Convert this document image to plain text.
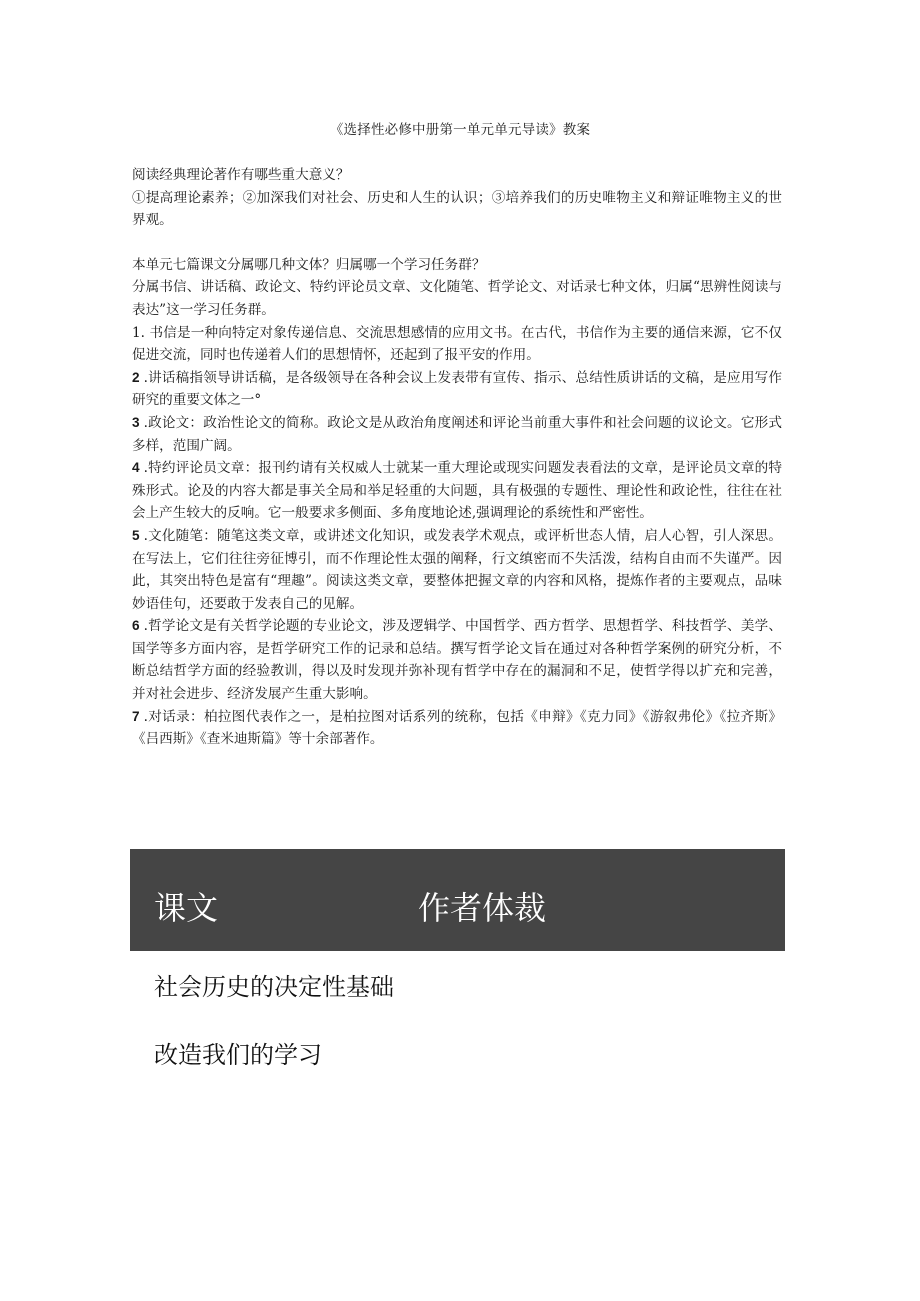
《选择性必修中册第一单元单元导读》教案

阅读经典理论著作有哪些重大意义？

①提高理论素养；②加深我们对社会、历史和人生的认识；③培养我们的历史唯物主义和辩证唯物主义的世界观。

本单元七篇课文分属哪几种文体？归属哪一个学习任务群？

分属书信、讲话稿、政论文、特约评论员文章、文化随笔、哲学论文、对话录七种文体，归属“思辨性阅读与表达”这一学习任务群。

1. 书信是一种向特定对象传递信息、交流思想感情的应用文书。在古代，书信作为主要的通信来源，它不仅促进交流，同时也传递着人们的思想情怀，还起到了报平安的作用。

2 .讲话稿指领导讲话稿，是各级领导在各种会议上发表带有宣传、指示、总结性质讲话的文稿，是应用写作研究的重要文体之一°

3 .政论文：政治性论文的简称。政论文是从政治角度阐述和评论当前重大事件和社会问题的议论文。它形式多样，范围广阔。

4 .特约评论员文章：报刊约请有关权威人士就某一重大理论或现实问题发表看法的文章，是评论员文章的特殊形式。论及的内容大都是事关全局和举足轻重的大问题，具有极强的专题性、理论性和政论性，往往在社会上产生较大的反响。它一般要求多侧面、多角度地论述,强调理论的系统性和严密性。

5 .文化随笔：随笔这类文章，或讲述文化知识，或发表学术观点，或评析世态人情，启人心智，引人深思。在写法上，它们往往旁征博引，而不作理论性太强的阐释，行文缜密而不失活泼，结构自由而不失谨严。因此，其突出特色是富有“理趣”。阅读这类文章，要整体把握文章的内容和风格，提炼作者的主要观点，品味妙语佳句，还要敢于发表自己的见解。

6 .哲学论文是有关哲学论题的专业论文，涉及逻辑学、中国哲学、西方哲学、思想哲学、科技哲学、美学、国学等多方面内容，是哲学研究工作的记录和总结。撰写哲学论文旨在通过对各种哲学案例的研究分析，不断总结哲学方面的经验教训，得以及时发现并弥补现有哲学中存在的漏洞和不足，使哲学得以扩充和完善，并对社会进步、经济发展产生重大影响。

7 .对话录：柏拉图代表作之一，是柏拉图对话系列的统称，包括《申辩》《克力同》《游叙弗伦》《拉齐斯》《吕西斯》《查米迪斯篇》等十余部著作。

课文	作者体裁
社会历史的决定性基础
改造我们的学习
